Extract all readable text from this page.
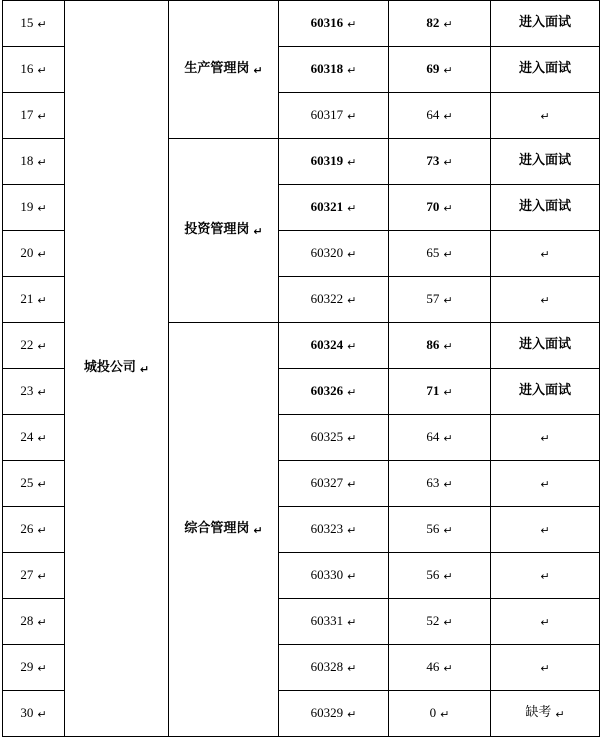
15 ↵	城投公司 ↵	生产管理岗 ↵	60316 ↵	82 ↵	进入面试

16 ↵			60318 ↵	69 ↵	进入面试

17 ↵			60317 ↵	64 ↵	↵

18 ↵		投资管理岗 ↵	60319 ↵	73 ↵	进入面试

19 ↵			60321 ↵	70 ↵	进入面试

20 ↵			60320 ↵	65 ↵	↵

21 ↵			60322 ↵	57 ↵	↵

22 ↵		综合管理岗 ↵	60324 ↵	86 ↵	进入面试

23 ↵			60326 ↵	71 ↵	进入面试

24 ↵			60325 ↵	64 ↵	↵

25 ↵			60327 ↵	63 ↵	↵

26 ↵			60323 ↵	56 ↵	↵

27 ↵			60330 ↵	56 ↵	↵

28 ↵			60331 ↵	52 ↵	↵

29 ↵			60328 ↵	46 ↵	↵

30 ↵			60329 ↵	0 ↵	缺考 ↵
